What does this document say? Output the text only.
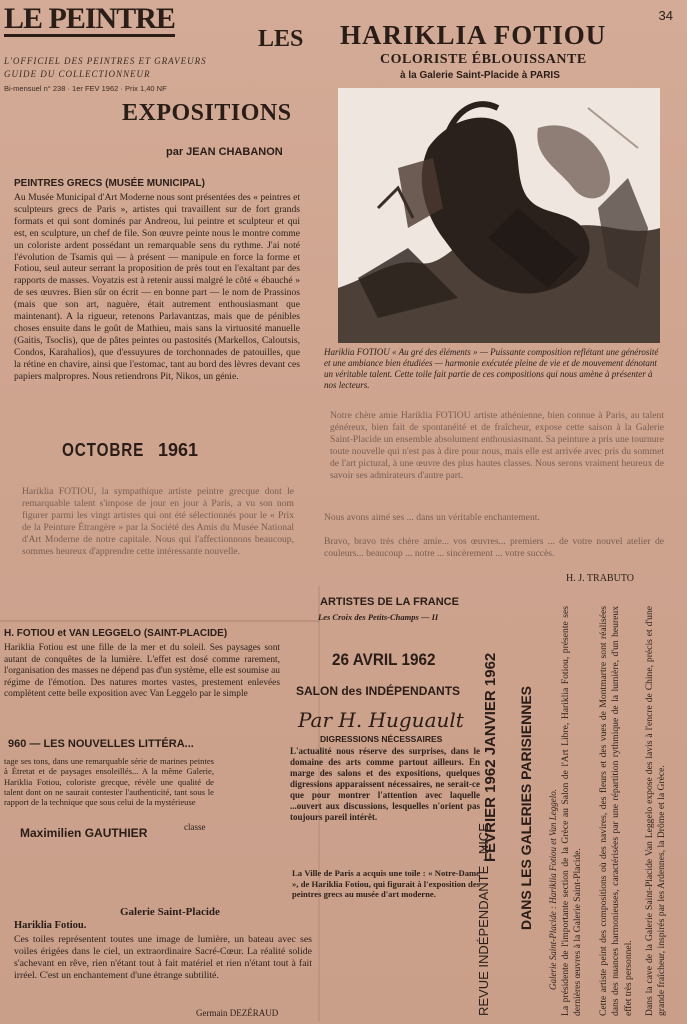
LE PEINTRE
L'OFFICIEL DES PEINTRES ET GRAVEURS
GUIDE DU COLLECTIONNEUR
Bi-mensuel n° 238 · 1er FEV 1962 · Prix 1,40 NF
34
LES HARIKLIA FOTIOU
COLORISTE ÉBLOUISSANTE
à la Galerie Saint-Placide à PARIS
EXPOSITIONS
par JEAN CHABANON
PEINTRES GRECS (MUSÉE MUNICIPAL)
Au Musée Municipal d'Art Moderne nous sont présentées des « peintres et sculpteurs grecs de Paris », artistes qui travaillent sur de fort grands formats et qui sont dominés par Andreou, lui peintre et sculpteur et qui est, en sculpture, un chef de file. Son œuvre peinte nous le montre comme un coloriste ardent possédant un remarquable sens du rythme. J'ai noté l'évolution de Tsamis qui — à présent — manipule en force la forme et Fotiou, seul auteur serrant la proposition de près tout en l'exaltant par des rapports de masses. Voyatzis est à retenir aussi malgré le côté « ébauché » de ses œuvres. Bien sûr on écrit — en bonne part — le nom de Prassinos (mais que son art, naguère, était autrement enthousiasmant que maintenant). A la rigueur, retenons Parlavantzas, mais que de pénibles choses ensuite dans le goût de Mathieu, mais sans la virtuosité manuelle (Gaitis, Tsoclis), que de pâtes peintes ou pastosités (Markellos, Caloutsis, Condos, Karahalios), que d'essuyures de torchonnades de patouilles, que la rétine en chavire, ainsi que l'estomac, tant au bord des lèvres devant ces papiers malpropres. Nous retiendrons Pit, Nikos, un génie.
Hariklia FOTIOU « Au gré des éléments » — Puissante composition reflétant une générosité et une ambiance bien étudiées — harmonie exécutée pleine de vie et de mouvement dénotant un véritable talent. Cette toile fait partie de ces compositions qui nous amène à présenter à nos lecteurs.
Notre chère amie Hariklia FOTIOU artiste athénienne, bien connue à Paris, au talent généreux, bien fait de spontanéité et de fraîcheur, expose cette saison à la Galerie Saint-Placide un ensemble absolument enthousiasmant. Sa peinture a pris une tournure toute nouvelle qui n'est pas à dire pour nous, mais elle est arrivée avec pris du sommet de l'art pictural, à une œuvre des plus hautes classes. Nous serons vraiment heureux de savoir ses admirateurs d'autre part.
Nous avons aimé ses ... dans un véritable enchantement.
Bravo, bravo très chère amie... vos œuvres... premiers ... de votre nouvel atelier de couleurs... beaucoup ... notre ... sincèrement ... votre succès.
H. J. TRABUTO
OCTOBRE 1961
Hariklia FOTIOU, la sympathique artiste peintre grecque dont le remarquable talent s'impose de jour en jour à Paris, a vu son nom figurer parmi les vingt artistes qui ont été sélectionnés pour le « Prix de la Peinture Étrangère » par la Société des Amis du Musée National d'Art Moderne de notre capitale. Nous qui l'affectionnons beaucoup, sommes heureux d'apprendre cette intéressante nouvelle.
H. FOTIOU et VAN LEGGELO (SAINT-PLACIDE)
Hariklia Fotiou est une fille de la mer et du soleil. Ses paysages sont autant de conquêtes de la lumière. L'effet est dosé comme rarement, l'organisation des masses ne dépend pas d'un système, elle est soumise au régime de l'émotion. Des natures mortes vastes, prestement enlevées complètent cette belle exposition avec Van Leggelo par le simple
960 — LES NOUVELLES LITTÉRA...
tage ses tons, dans une remarquable série de marines peintes à Étretat et de paysages ensoleillés... A la même Galerie, Hariklia Fotiou, coloriste grecque, révèle une qualité de talent dont on ne saurait contester l'authenticité, tant sous le rapport de la technique que sous celui de la mystérieuse
Maximilien GAUTHIER	classe
Galerie Saint-Placide
Hariklia Fotiou.
Ces toiles représentent toutes une image de lumière, un bateau avec ses voiles érigées dans le ciel, un extraordinaire Sacré-Cœur. La réalité solide s'achevant en rêve, rien n'étant tout à fait matériel et rien n'étant tout à fait irréel. C'est un enchantement d'une étrange subtilité.
Germain DEZÉRAUD
ARTISTES DE LA FRANCE
Les Croix des Petits-Champs — II
26 AVRIL 1962
SALON des INDÉPENDANTS
Par H. Huguault
DIGRESSIONS NÉCESSAIRES
L'actualité nous réserve des surprises, dans le domaine des arts comme partout ailleurs. En marge des salons et des expositions, quelques digressions apparaissent nécessaires, ne serait-ce que pour montrer l'attention avec laquelle ...ouvert aux discussions, lesquelles n'orient pas toujours pareil intérêt.
La Ville de Paris a acquis une toile : « Notre-Dame », de Hariklia Fotiou, qui figurait à l'exposition des peintres grecs au musée d'art moderne.	REVUE INDÉPENDANTE · NICE
FÉVRIER 1962 JANVIER 1962 DANS LES GALERIES PARISIENNES Galerie Saint-Placide : Hariklia Fotiou et Van Leggelo. La présidente de l'importante section de la Grèce au Salon de l'Art Libre, Hariklia Fotiou, présente ses dernières œuvres à la Galerie Saint-Placide.	Cette artiste peint des compositions où des navires, des fleurs et des vues de Montmartre sont réalisées dans des nuances harmonieuses, caractérisées par une répartition rythmique de la lumière, d'un heureux effet très personnel.	Dans la cave de la Galerie Saint-Placide Van Leggelo expose des lavis à l'encre de Chine, précis et d'une grande fraîcheur, inspirés par les Ardennes, la Drôme et la Grèce.
